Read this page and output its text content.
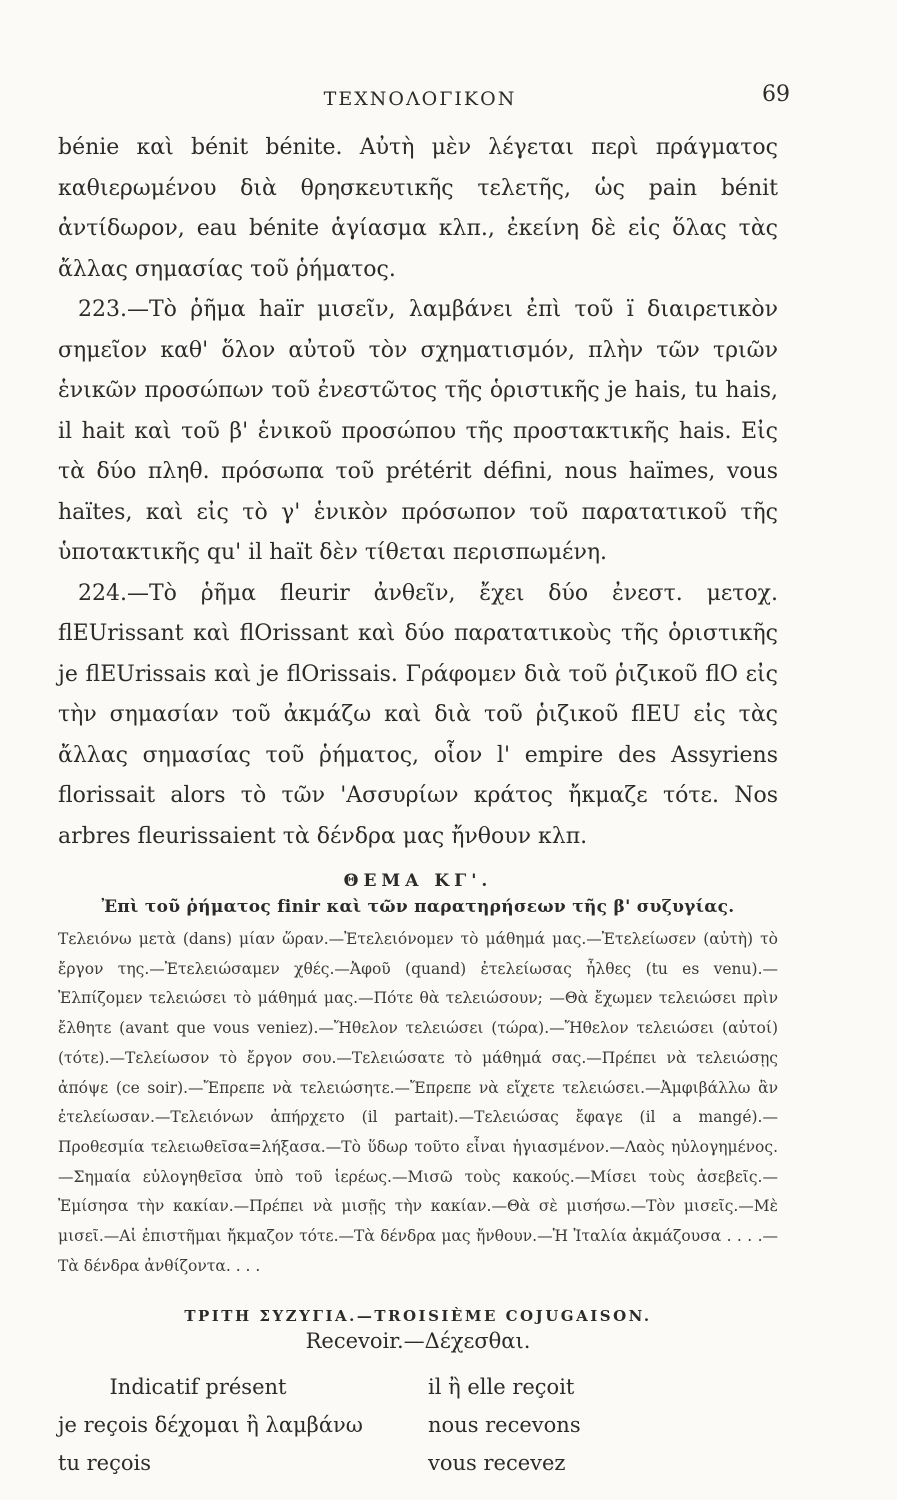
ΤΕΧΝΟΛΟΓΙΚΟΝ	69

bénie καὶ bénit bénite. Αὐτὴ μὲν λέγεται περὶ πράγματος καθιερωμένου διὰ θρησκευτικῆς τελετῆς, ὡς pain bénit ἀντίδωρον, eau bénite ἁγίασμα κλπ., ἐκείνη δὲ εἰς ὅλας τὰς ἄλλας σημασίας τοῦ ῥήματος.

223.—Τὸ ῥῆμα haïr μισεῖν, λαμβάνει ἐπὶ τοῦ ï διαιρετικὸν σημεῖον καθ' ὅλον αὐτοῦ τὸν σχηματισμόν, πλὴν τῶν τριῶν ἑνικῶν προσώπων τοῦ ἐνεστῶτος τῆς ὁριστικῆς je hais, tu hais, il hait καὶ τοῦ β' ἑνικοῦ προσώπου τῆς προστακτικῆς hais. Εἰς τὰ δύο πληθ. πρόσωπα τοῦ prétérit défini, nous haïmes, vous haïtes, καὶ εἰς τὸ γ' ἑνικὸν πρόσωπον τοῦ παρατατικοῦ τῆς ὑποτακτικῆς qu' il haït δὲν τίθεται περισπωμένη.

224.—Τὸ ῥῆμα fleurir ἀνθεῖν, ἔχει δύο ἐνεστ. μετοχ. flEUrissant καὶ flOrissant καὶ δύο παρατατικοὺς τῆς ὁριστικῆς je flEUrissais καὶ je flOrissais. Γράφομεν διὰ τοῦ ῥιζικοῦ flO εἰς τὴν σημασίαν τοῦ ἀκμάζω καὶ διὰ τοῦ ῥιζικοῦ flEU εἰς τὰς ἄλλας σημασίας τοῦ ῥήματος, οἷον l' empire des Assyriens florissait alors τὸ τῶν 'Ασσυρίων κράτος ἤκμαζε τότε. Nos arbres fleurissaient τὰ δένδρα μας ἤνθουν κλπ.

ΘΕΜΑ ΚΓ'.
Ἐπὶ τοῦ ῥήματος finir καὶ τῶν παρατηρήσεων τῆς β' συζυγίας.

Τελειόνω μετὰ (dans) μίαν ὥραν.—Ἐτελειόνομεν τὸ μάθημά μας.—Ἐτελείωσεν (αὐτὴ) τὸ ἔργον της.—Ἐτελειώσαμεν χθές.—Ἀφοῦ (quand) ἐτελείωσας ἦλθες (tu es venu).—Ἐλπίζομεν τελειώσει τὸ μάθημά μας.—Πότε θὰ τελειώσουν; —Θὰ ἔχωμεν τελειώσει πρὶν ἔλθητε (avant que vous veniez).—Ἤθελον τελειώσει (τώρα).—Ἤθελον τελειώσει (αὐτοί) (τότε).—Τελείωσον τὸ ἔργον σου.—Τελειώσατε τὸ μάθημά σας.—Πρέπει νὰ τελειώσῃς ἀπόψε (ce soir).—Ἔπρεπε νὰ τελειώσητε.—Ἔπρεπε νὰ εἴχετε τελειώσει.—Ἀμφιβάλλω ἂν ἐτελείωσαν.—Τελειόνων ἀπήρχετο (il partait).—Τελειώσας ἔφαγε (il a mangé).—Προθεσμία τελειωθεῖσα=λήξασα.—Τὸ ὕδωρ τοῦτο εἶναι ἡγιασμένον.—Λαὸς ηὐλογημένος.—Σημαία εὐλογηθεῖσα ὑπὸ τοῦ ἱερέως.—Μισῶ τοὺς κακούς.—Μίσει τοὺς ἀσεβεῖς.—Ἐμίσησα τὴν κακίαν.—Πρέπει νὰ μισῇς τὴν κακίαν.—Θὰ σὲ μισήσω.—Τὸν μισεῖς.—Μὲ μισεῖ.—Αἱ ἐπιστῆμαι ἤκμαζον τότε.—Τὰ δένδρα μας ἤνθουν.—Ἡ Ἰταλία ἀκμάζουσα . . . .—Τὰ δένδρα ἀνθίζοντα. . . .

ΤΡΙΤΗ ΣΥΖΥΓΙΑ.—TROISIÈME COJUGAISON.
Recevoir.—Δέχεσθαι.
Indicatif présent	il ἢ elle reçoit
je reçois δέχομαι ἢ λαμβάνω	nous recevons
tu reçois	vous recevez
